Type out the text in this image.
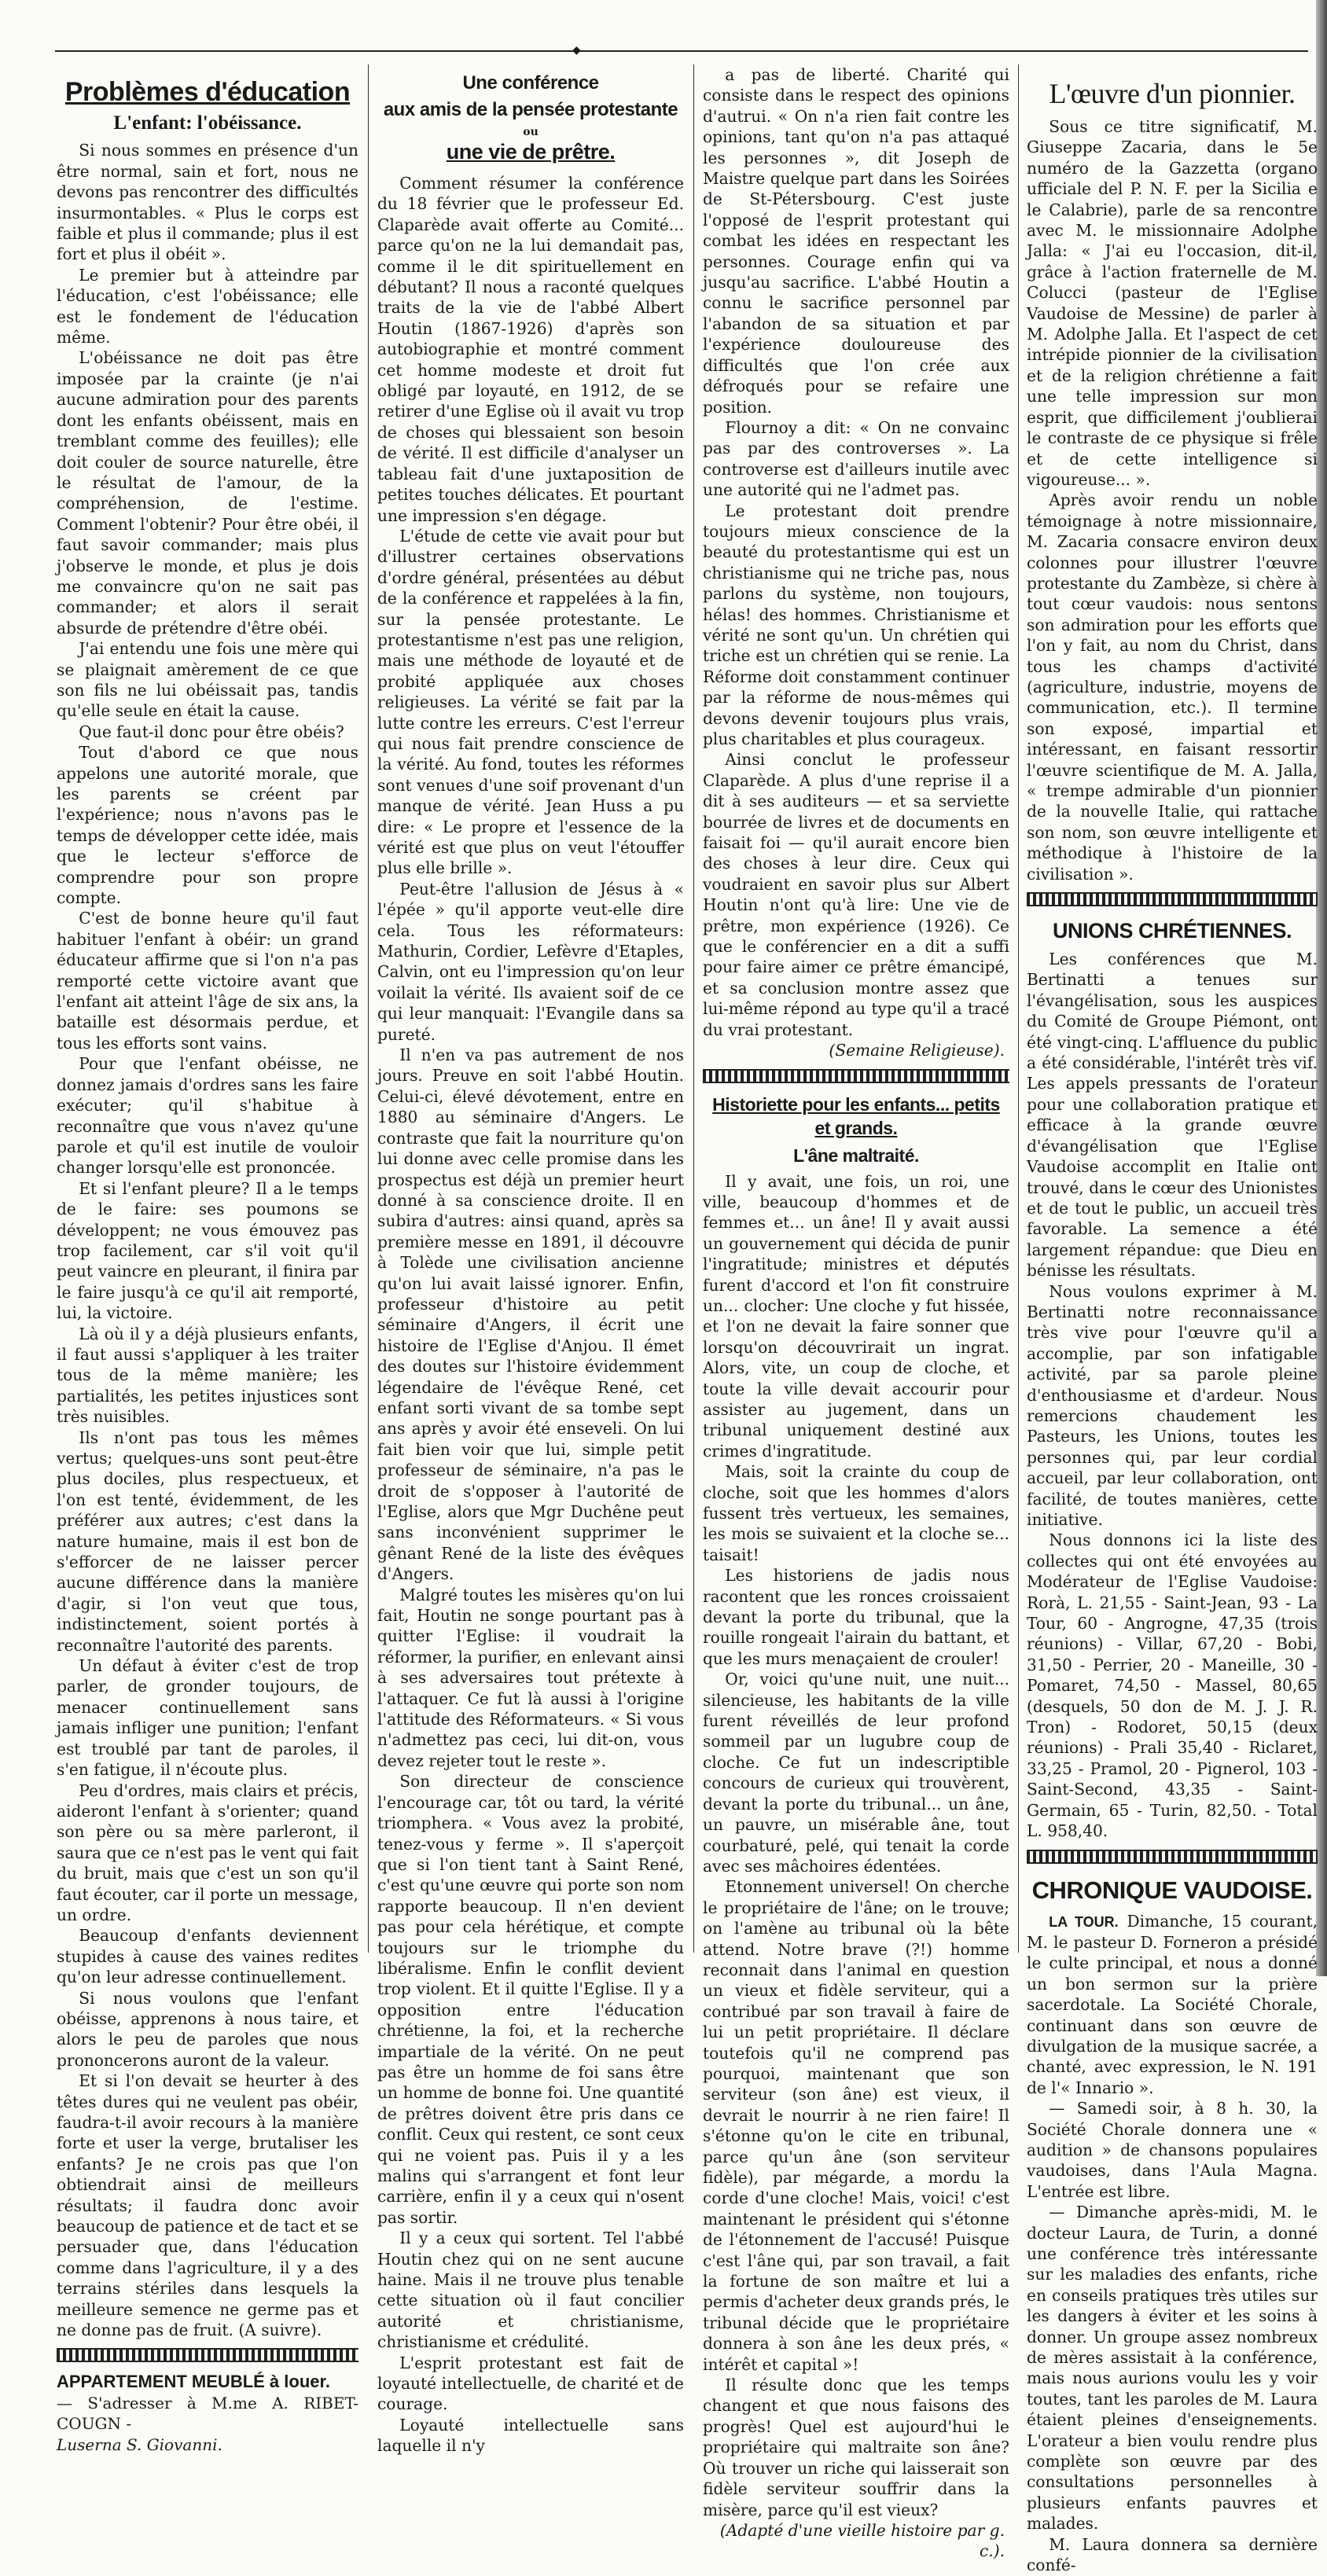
◆
Problèmes d'éducation
L'enfant: l'obéissance.

Si nous sommes en présence d'un être normal, sain et fort, nous ne devons pas rencontrer des difficultés insurmontables. « Plus le corps est faible et plus il commande; plus il est fort et plus il obéit ».

Le premier but à atteindre par l'éducation, c'est l'obéissance; elle est le fondement de l'éducation même.

L'obéissance ne doit pas être imposée par la crainte (je n'ai aucune admiration pour des parents dont les enfants obéissent, mais en tremblant comme des feuilles); elle doit couler de source naturelle, être le résultat de l'amour, de la compréhension, de l'estime. Comment l'obtenir? Pour être obéi, il faut savoir commander; mais plus j'observe le monde, et plus je dois me convaincre qu'on ne sait pas commander; et alors il serait absurde de prétendre d'être obéi.

J'ai entendu une fois une mère qui se plaignait amèrement de ce que son fils ne lui obéissait pas, tandis qu'elle seule en était la cause.

Que faut-il donc pour être obéis?

Tout d'abord ce que nous appelons une autorité morale, que les parents se créent par l'expérience; nous n'avons pas le temps de développer cette idée, mais que le lecteur s'efforce de comprendre pour son propre compte.

C'est de bonne heure qu'il faut habituer l'enfant à obéir: un grand éducateur affirme que si l'on n'a pas remporté cette victoire avant que l'enfant ait atteint l'âge de six ans, la bataille est désormais perdue, et tous les efforts sont vains.

Pour que l'enfant obéisse, ne donnez jamais d'ordres sans les faire exécuter; qu'il s'habitue à reconnaître que vous n'avez qu'une parole et qu'il est inutile de vouloir changer lorsqu'elle est prononcée.

Et si l'enfant pleure? Il a le temps de le faire: ses poumons se développent; ne vous émouvez pas trop facilement, car s'il voit qu'il peut vaincre en pleurant, il finira par le faire jusqu'à ce qu'il ait remporté, lui, la victoire.

Là où il y a déjà plusieurs enfants, il faut aussi s'appliquer à les traiter tous de la même manière; les partialités, les petites injustices sont très nuisibles.

Ils n'ont pas tous les mêmes vertus; quelques-uns sont peut-être plus dociles, plus respectueux, et l'on est tenté, évidemment, de les préférer aux autres; c'est dans la nature humaine, mais il est bon de s'efforcer de ne laisser percer aucune différence dans la manière d'agir, si l'on veut que tous, indistinctement, soient portés à reconnaître l'autorité des parents.

Un défaut à éviter c'est de trop parler, de gronder toujours, de menacer continuellement sans jamais infliger une punition; l'enfant est troublé par tant de paroles, il s'en fatigue, il n'écoute plus.

Peu d'ordres, mais clairs et précis, aideront l'enfant à s'orienter; quand son père ou sa mère parleront, il saura que ce n'est pas le vent qui fait du bruit, mais que c'est un son qu'il faut écouter, car il porte un message, un ordre.

Beaucoup d'enfants deviennent stupides à cause des vaines redites qu'on leur adresse continuellement.

Si nous voulons que l'enfant obéisse, apprenons à nous taire, et alors le peu de paroles que nous prononcerons auront de la valeur.

Et si l'on devait se heurter à des têtes dures qui ne veulent pas obéir, faudra-t-il avoir recours à la manière forte et user la verge, brutaliser les enfants? Je ne crois pas que l'on obtiendrait ainsi de meilleurs résultats; il faudra donc avoir beaucoup de patience et de tact et se persuader que, dans l'éducation comme dans l'agriculture, il y a des terrains stériles dans lesquels la meilleure semence ne germe pas et ne donne pas de fruit. (A suivre).

APPARTEMENT MEUBLÉ à louer.
— S'adresser à M.me A. RIBET-COUGN -
Luserna S. Giovanni.
Une conférence
aux amis de la pensée protestante
ou
une vie de prêtre.

Comment résumer la conférence du 18 février que le professeur Ed. Claparède avait offerte au Comité... parce qu'on ne la lui demandait pas, comme il le dit spirituellement en débutant? Il nous a raconté quelques traits de la vie de l'abbé Albert Houtin (1867-1926) d'après son autobiographie et montré comment cet homme modeste et droit fut obligé par loyauté, en 1912, de se retirer d'une Eglise où il avait vu trop de choses qui blessaient son besoin de vérité. Il est difficile d'analyser un tableau fait d'une juxtaposition de petites touches délicates. Et pourtant une impression s'en dégage.

L'étude de cette vie avait pour but d'illustrer certaines observations d'ordre général, présentées au début de la conférence et rappelées à la fin, sur la pensée protestante. Le protestantisme n'est pas une religion, mais une méthode de loyauté et de probité appliquée aux choses religieuses. La vérité se fait par la lutte contre les erreurs. C'est l'erreur qui nous fait prendre conscience de la vérité. Au fond, toutes les réformes sont venues d'une soif provenant d'un manque de vérité. Jean Huss a pu dire: « Le propre et l'essence de la vérité est que plus on veut l'étouffer plus elle brille ».

Peut-être l'allusion de Jésus à « l'épée » qu'il apporte veut-elle dire cela. Tous les réformateurs: Mathurin, Cordier, Lefèvre d'Etaples, Calvin, ont eu l'impression qu'on leur voilait la vérité. Ils avaient soif de ce qui leur manquait: l'Evangile dans sa pureté.

Il n'en va pas autrement de nos jours. Preuve en soit l'abbé Houtin. Celui-ci, élevé dévotement, entre en 1880 au séminaire d'Angers. Le contraste que fait la nourriture qu'on lui donne avec celle promise dans les prospectus est déjà un premier heurt donné à sa conscience droite. Il en subira d'autres: ainsi quand, après sa première messe en 1891, il découvre à Tolède une civilisation ancienne qu'on lui avait laissé ignorer. Enfin, professeur d'histoire au petit séminaire d'Angers, il écrit une histoire de l'Eglise d'Anjou. Il émet des doutes sur l'histoire évidemment légendaire de l'évêque René, cet enfant sorti vivant de sa tombe sept ans après y avoir été enseveli. On lui fait bien voir que lui, simple petit professeur de séminaire, n'a pas le droit de s'opposer à l'autorité de l'Eglise, alors que Mgr Duchêne peut sans inconvénient supprimer le gênant René de la liste des évêques d'Angers.

Malgré toutes les misères qu'on lui fait, Houtin ne songe pourtant pas à quitter l'Eglise: il voudrait la réformer, la purifier, en enlevant ainsi à ses adversaires tout prétexte à l'attaquer. Ce fut là aussi à l'origine l'attitude des Réformateurs. « Si vous n'admettez pas ceci, lui dit-on, vous devez rejeter tout le reste ».

Son directeur de conscience l'encourage car, tôt ou tard, la vérité triomphera. « Vous avez la probité, tenez-vous y ferme ». Il s'aperçoit que si l'on tient tant à Saint René, c'est qu'une œuvre qui porte son nom rapporte beaucoup. Il n'en devient pas pour cela hérétique, et compte toujours sur le triomphe du libéralisme. Enfin le conflit devient trop violent. Et il quitte l'Eglise. Il y a opposition entre l'éducation chrétienne, la foi, et la recherche impartiale de la vérité. On ne peut pas être un homme de foi sans être un homme de bonne foi. Une quantité de prêtres doivent être pris dans ce conflit. Ceux qui restent, ce sont ceux qui ne voient pas. Puis il y a les malins qui s'arrangent et font leur carrière, enfin il y a ceux qui n'osent pas sortir.

Il y a ceux qui sortent. Tel l'abbé Houtin chez qui on ne sent aucune haine. Mais il ne trouve plus tenable cette situation où il faut concilier autorité et christianisme, christianisme et crédulité.

L'esprit protestant est fait de loyauté intellectuelle, de charité et de courage.

Loyauté intellectuelle sans laquelle il n'y

a pas de liberté. Charité qui consiste dans le respect des opinions d'autrui. « On n'a rien fait contre les opinions, tant qu'on n'a pas attaqué les personnes », dit Joseph de Maistre quelque part dans les Soirées de St-Pétersbourg. C'est juste l'opposé de l'esprit protestant qui combat les idées en respectant les personnes. Courage enfin qui va jusqu'au sacrifice. L'abbé Houtin a connu le sacrifice personnel par l'abandon de sa situation et par l'expérience douloureuse des difficultés que l'on crée aux défroqués pour se refaire une position.

Flournoy a dit: « On ne convainc pas par des controverses ». La controverse est d'ailleurs inutile avec une autorité qui ne l'admet pas.

Le protestant doit prendre toujours mieux conscience de la beauté du protestantisme qui est un christianisme qui ne triche pas, nous parlons du système, non toujours, hélas! des hommes. Christianisme et vérité ne sont qu'un. Un chrétien qui triche est un chrétien qui se renie. La Réforme doit constamment continuer par la réforme de nous-mêmes qui devons devenir toujours plus vrais, plus charitables et plus courageux.

Ainsi conclut le professeur Claparède. A plus d'une reprise il a dit à ses auditeurs — et sa serviette bourrée de livres et de documents en faisait foi — qu'il aurait encore bien des choses à leur dire. Ceux qui voudraient en savoir plus sur Albert Houtin n'ont qu'à lire: Une vie de prêtre, mon expérience (1926). Ce que le conférencier en a dit a suffi pour faire aimer ce prêtre émancipé, et sa conclusion montre assez que lui-même répond au type qu'il a tracé du vrai protestant.

(Semaine Religieuse).
Historiette pour les enfants... petits et grands.
L'âne maltraité.

Il y avait, une fois, un roi, une ville, beaucoup d'hommes et de femmes et... un âne! Il y avait aussi un gouvernement qui décida de punir l'ingratitude; ministres et députés furent d'accord et l'on fit construire un... clocher: Une cloche y fut hissée, et l'on ne devait la faire sonner que lorsqu'on découvrirait un ingrat. Alors, vite, un coup de cloche, et toute la ville devait accourir pour assister au jugement, dans un tribunal uniquement destiné aux crimes d'ingratitude.

Mais, soit la crainte du coup de cloche, soit que les hommes d'alors fussent très vertueux, les semaines, les mois se suivaient et la cloche se... taisait!

Les historiens de jadis nous racontent que les ronces croissaient devant la porte du tribunal, que la rouille rongeait l'airain du battant, et que les murs menaçaient de crouler!

Or, voici qu'une nuit, une nuit... silencieuse, les habitants de la ville furent réveillés de leur profond sommeil par un lugubre coup de cloche. Ce fut un indescriptible concours de curieux qui trouvèrent, devant la porte du tribunal... un âne, un pauvre, un misérable âne, tout courbaturé, pelé, qui tenait la corde avec ses mâchoires édentées.

Etonnement universel! On cherche le propriétaire de l'âne; on le trouve; on l'amène au tribunal où la bête attend. Notre brave (?!) homme reconnait dans l'animal en question un vieux et fidèle serviteur, qui a contribué par son travail à faire de lui un petit propriétaire. Il déclare toutefois qu'il ne comprend pas pourquoi, maintenant que son serviteur (son âne) est vieux, il devrait le nourrir à ne rien faire! Il s'étonne qu'on le cite en tribunal, parce qu'un âne (son serviteur fidèle), par mégarde, a mordu la corde d'une cloche! Mais, voici! c'est maintenant le président qui s'étonne de l'étonnement de l'accusé! Puisque c'est l'âne qui, par son travail, a fait la fortune de son maître et lui a permis d'acheter deux grands prés, le tribunal décide que le propriétaire donnera à son âne les deux prés, « intérêt et capital »!

Il résulte donc que les temps changent et que nous faisons des progrès! Quel est aujourd'hui le propriétaire qui maltraite son âne? Où trouver un riche qui laisserait son fidèle serviteur souffrir dans la misère, parce qu'il est vieux?

(Adapté d'une vieille histoire par g. c.).
L'œuvre d'un pionnier.

Sous ce titre significatif, M. Giuseppe Zacaria, dans le 5e numéro de la Gazzetta (organo ufficiale del P. N. F. per la Sicilia e le Calabrie), parle de sa rencontre avec M. le missionnaire Adolphe Jalla: « J'ai eu l'occasion, dit-il, grâce à l'action fraternelle de M. Colucci (pasteur de l'Eglise Vaudoise de Messine) de parler à M. Adolphe Jalla. Et l'aspect de cet intrépide pionnier de la civilisation et de la religion chrétienne a fait une telle impression sur mon esprit, que difficilement j'oublierai le contraste de ce physique si frêle et de cette intelligence si vigoureuse... ».

Après avoir rendu un noble témoignage à notre missionnaire, M. Zacaria consacre environ deux colonnes pour illustrer l'œuvre protestante du Zambèze, si chère à tout cœur vaudois: nous sentons son admiration pour les efforts que l'on y fait, au nom du Christ, dans tous les champs d'activité (agriculture, industrie, moyens de communication, etc.). Il termine son exposé, impartial et intéressant, en faisant ressortir l'œuvre scientifique de M. A. Jalla, « trempe admirable d'un pionnier de la nouvelle Italie, qui rattache son nom, son œuvre intelligente et méthodique à l'histoire de la civilisation ».

UNIONS CHRÉTIENNES.

Les conférences que M. Bertinatti a tenues sur l'évangélisation, sous les auspices du Comité de Groupe Piémont, ont été vingt-cinq. L'affluence du public a été considérable, l'intérêt très vif. Les appels pressants de l'orateur pour une collaboration pratique et efficace à la grande œuvre d'évangélisation que l'Eglise Vaudoise accomplit en Italie ont trouvé, dans le cœur des Unionistes et de tout le public, un accueil très favorable. La semence a été largement répandue: que Dieu en bénisse les résultats.

Nous voulons exprimer à M. Bertinatti notre reconnaissance très vive pour l'œuvre qu'il a accomplie, par son infatigable activité, par sa parole pleine d'enthousiasme et d'ardeur. Nous remercions chaudement les Pasteurs, les Unions, toutes les personnes qui, par leur cordial accueil, par leur collaboration, ont facilité, de toutes manières, cette initiative.

Nous donnons ici la liste des collectes qui ont été envoyées au Modérateur de l'Eglise Vaudoise: Rorà, L. 21,55 - Saint-Jean, 93 - La Tour, 60 - Angrogne, 47,35 (trois réunions) - Villar, 67,20 - Bobi, 31,50 - Perrier, 20 - Maneille, 30 - Pomaret, 74,50 - Massel, 80,65 (desquels, 50 don de M. J. J. R. Tron) - Rodoret, 50,15 (deux réunions) - Prali 35,40 - Riclaret, 33,25 - Pramol, 20 - Pignerol, 103 - Saint-Second, 43,35 - Saint-Germain, 65 - Turin, 82,50. - Total L. 958,40.

CHRONIQUE VAUDOISE.

LA TOUR. Dimanche, 15 courant, M. le pasteur D. Forneron a présidé le culte principal, et nous a donné un bon sermon sur la prière sacerdotale. La Société Chorale, continuant dans son œuvre de divulgation de la musique sacrée, a chanté, avec expression, le N. 191 de l'« Innario ».

— Samedi soir, à 8 h. 30, la Société Chorale donnera une « audition » de chansons populaires vaudoises, dans l'Aula Magna. L'entrée est libre.

— Dimanche après-midi, M. le docteur Laura, de Turin, a donné une conférence très intéressante sur les maladies des enfants, riche en conseils pratiques très utiles sur les dangers à éviter et les soins à donner. Un groupe assez nombreux de mères assistait à la conférence, mais nous aurions voulu les y voir toutes, tant les paroles de M. Laura étaient pleines d'enseignements. L'orateur a bien voulu rendre plus complète son œuvre par des consultations personnelles à plusieurs enfants pauvres et malades.

M. Laura donnera sa dernière confé-
